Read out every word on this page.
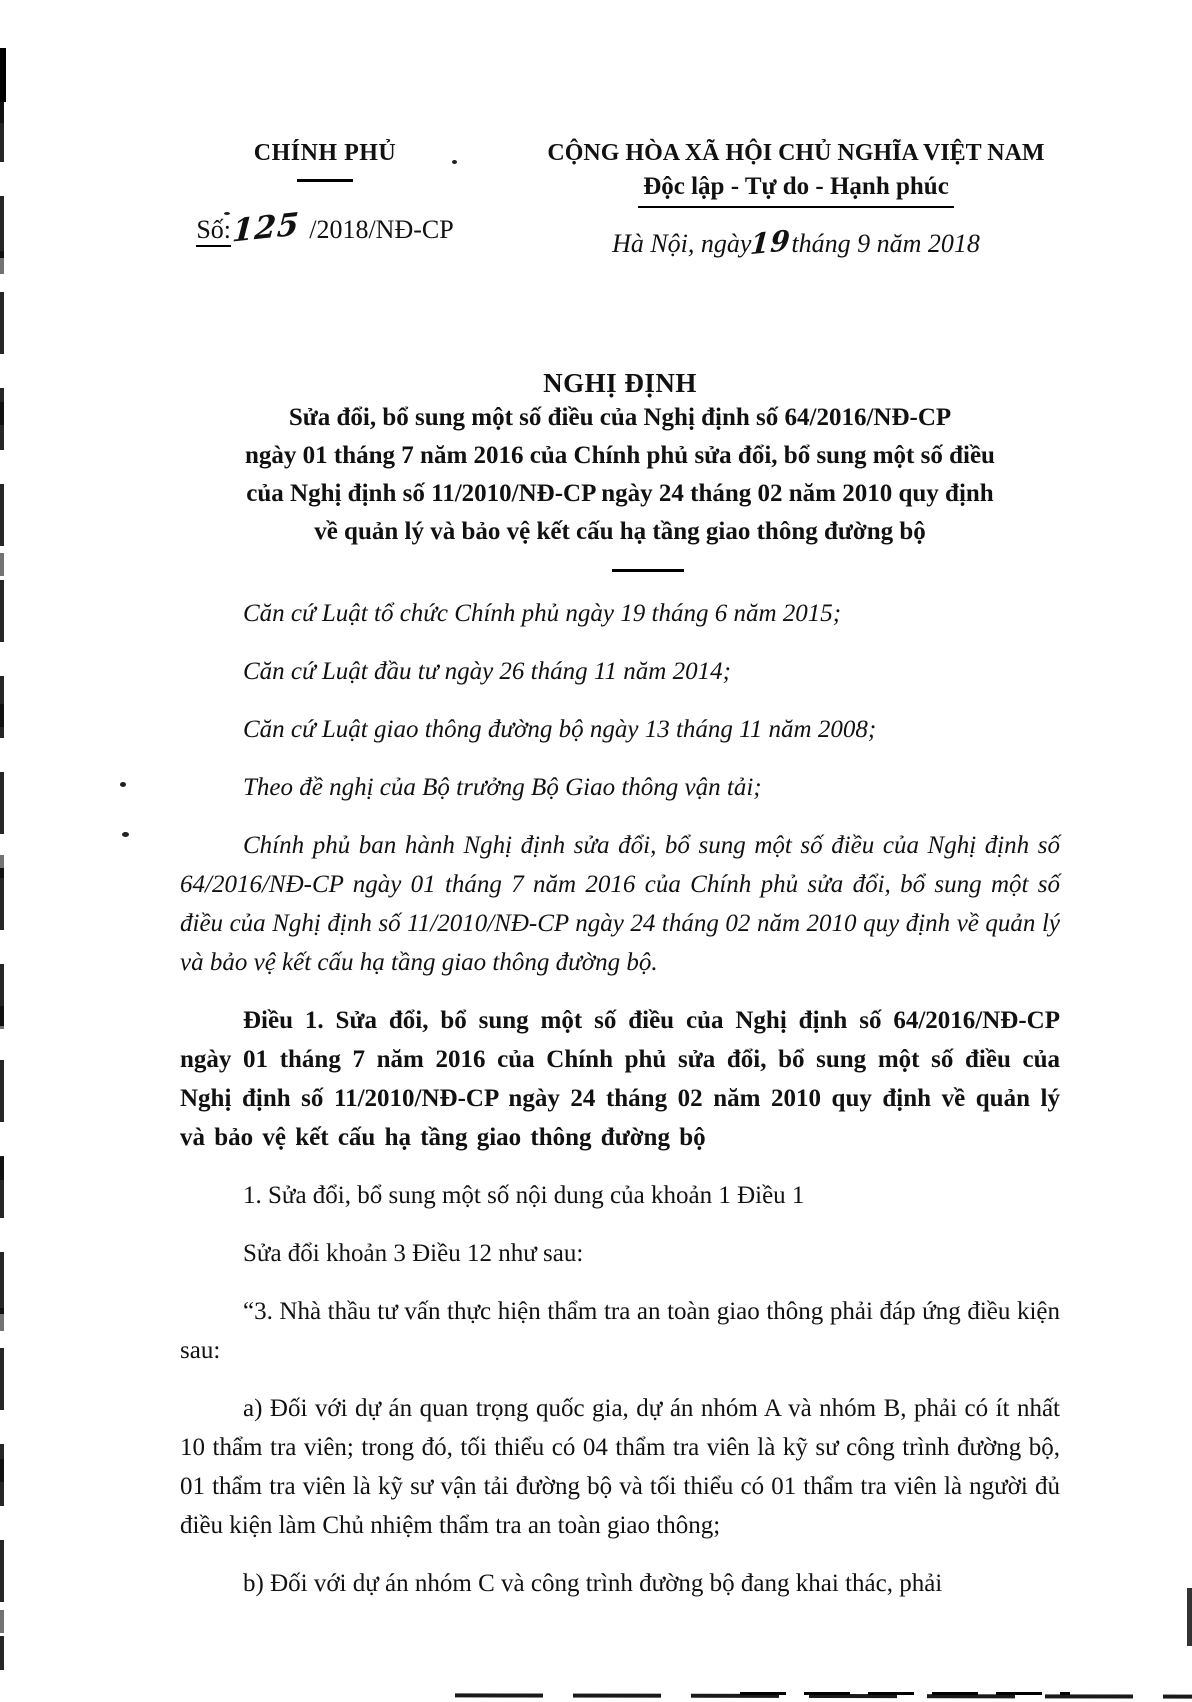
CHÍNH PHỦ
Số:125 /2018/NĐ-CP
CỘNG HÒA XÃ HỘI CHỦ NGHĨA VIỆT NAM
Độc lập - Tự do - Hạnh phúc
Hà Nội, ngày19tháng 9 năm 2018
NGHỊ ĐỊNH
Sửa đổi, bổ sung một số điều của Nghị định số 64/2016/NĐ-CP
ngày 01 tháng 7 năm 2016 của Chính phủ sửa đổi, bổ sung một số điều
của Nghị định số 11/2010/NĐ-CP ngày 24 tháng 02 năm 2010 quy định
về quản lý và bảo vệ kết cấu hạ tầng giao thông đường bộ

Căn cứ Luật tổ chức Chính phủ ngày 19 tháng 6 năm 2015;

Căn cứ Luật đầu tư ngày 26 tháng 11 năm 2014;

Căn cứ Luật giao thông đường bộ ngày 13 tháng 11 năm 2008;

Theo đề nghị của Bộ trưởng Bộ Giao thông vận tải;

Chính phủ ban hành Nghị định sửa đổi, bổ sung một số điều của Nghị định số 64/2016/NĐ-CP ngày 01 tháng 7 năm 2016 của Chính phủ sửa đổi, bổ sung một số điều của Nghị định số 11/2010/NĐ-CP ngày 24 tháng 02 năm 2010 quy định về quản lý và bảo vệ kết cấu hạ tầng giao thông đường bộ.

Điều 1. Sửa đổi, bổ sung một số điều của Nghị định số 64/2016/NĐ-CP ngày 01 tháng 7 năm 2016 của Chính phủ sửa đổi, bổ sung một số điều của Nghị định số 11/2010/NĐ-CP ngày 24 tháng 02 năm 2010 quy định về quản lý và bảo vệ kết cấu hạ tầng giao thông đường bộ

1. Sửa đổi, bổ sung một số nội dung của khoản 1 Điều 1

Sửa đổi khoản 3 Điều 12 như sau:

“3. Nhà thầu tư vấn thực hiện thẩm tra an toàn giao thông phải đáp ứng điều kiện sau:

a) Đối với dự án quan trọng quốc gia, dự án nhóm A và nhóm B, phải có ít nhất 10 thẩm tra viên; trong đó, tối thiểu có 04 thẩm tra viên là kỹ sư công trình đường bộ, 01 thẩm tra viên là kỹ sư vận tải đường bộ và tối thiểu có 01 thẩm tra viên là người đủ điều kiện làm Chủ nhiệm thẩm tra an toàn giao thông;

b) Đối với dự án nhóm C và công trình đường bộ đang khai thác, phải
